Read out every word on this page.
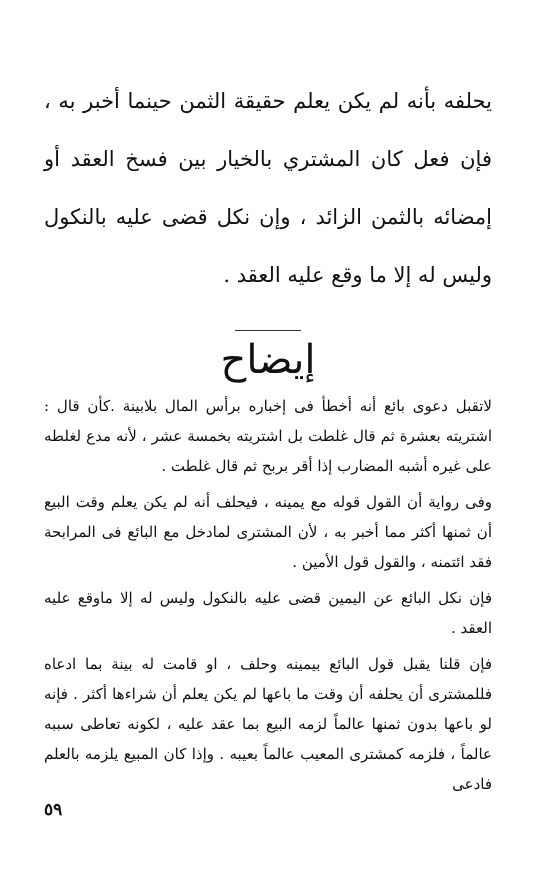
يحلفه بأنه لم يكن يعلم حقيقة الثمن حينما أخبر به ، فإن فعل كان المشتري بالخيار بين فسخ العقد أو إمضائه بالثمن الزائد ، وإن نكل قضى عليه بالنكول وليس له إلا ما وقع عليه العقد .

إيضاح

لاتقبل دعوى بائع أنه أخطأ فى إخباره برأس المال بلابينة .كأن قال : اشتريته بعشرة ثم قال غلطت بل اشتريته بخمسة عشر ، لأنه مدع لغلطه على غيره أشبه المضارب إذا أقر بربح ثم قال غلطت .

وفى رواية أن القول قوله مع يمينه ، فيحلف أنه لم يكن يعلم وقت البيع أن ثمنها أكثر مما أخبر به ، لأن المشترى لمادخل مع البائع فى المرابحة فقد ائتمنه ، والقول قول الأمين .

فإن نكل البائع عن اليمين قضى عليه بالنكول وليس له إلا ماوقع عليه العقد .

فإن قلنا يقبل قول البائع بيمينه وحلف ، او قامت له بينة بما ادعاه فللمشترى أن يحلفه أن وقت ما باعها لم يكن يعلم أن شراءها أكثر . فإنه لو باعها بدون ثمنها عالماً لزمه البيع بما عقد عليه ، لكونه تعاطى سببه عالماً ، فلزمه كمشترى المعيب عالماً بعيبه . وإذا كان المبيع يلزمه بالعلم فادعى

٥٩
